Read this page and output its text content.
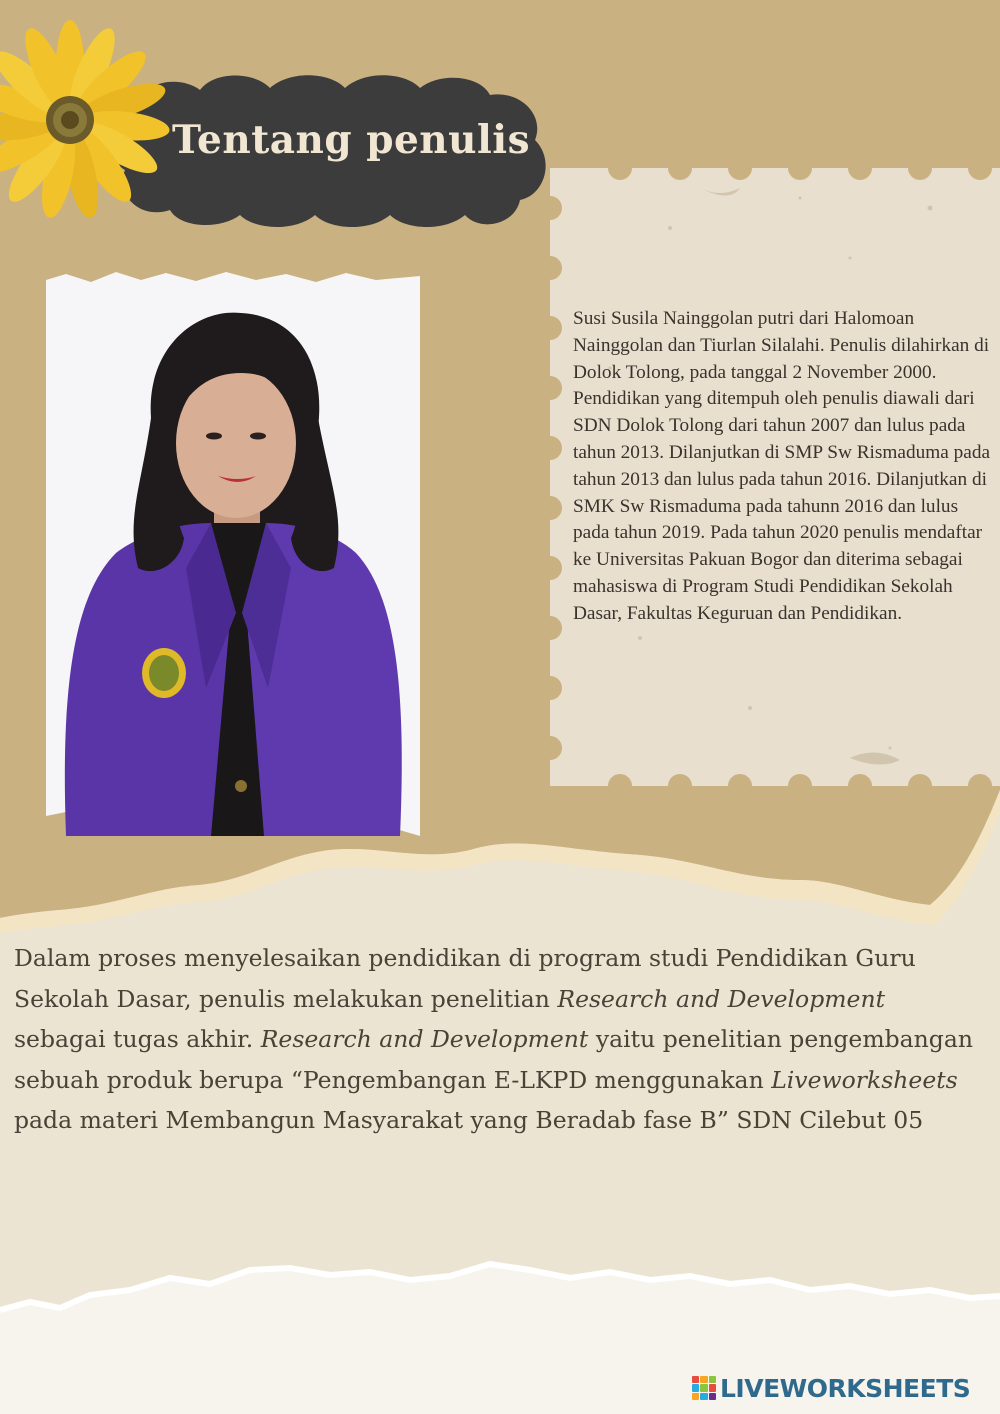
Tentang penulis

Susi Susila Nainggolan putri dari Halomoan Nainggolan dan Tiurlan Silalahi. Penulis dilahirkan di Dolok Tolong, pada tanggal 2 November 2000. Pendidikan yang ditempuh oleh penulis diawali dari SDN Dolok Tolong dari tahun 2007 dan lulus pada tahun 2013. Dilanjutkan di SMP Sw Rismaduma pada tahun 2013 dan lulus pada tahun 2016. Dilanjutkan di SMK Sw Rismaduma pada tahunn 2016 dan lulus pada tahun 2019. Pada tahun 2020 penulis mendaftar ke Universitas Pakuan Bogor dan diterima sebagai mahasiswa di Program Studi Pendidikan Sekolah Dasar, Fakultas Keguruan dan Pendidikan.

Dalam proses menyelesaikan pendidikan di program studi Pendidikan Guru Sekolah Dasar, penulis melakukan penelitian Research and Development sebagai tugas akhir. Research and Development yaitu penelitian pengembangan sebuah produk berupa “Pengembangan E-LKPD menggunakan Liveworksheets pada materi Membangun Masyarakat yang Beradab fase B” SDN Cilebut 05

LIVEWORKSHEETS
